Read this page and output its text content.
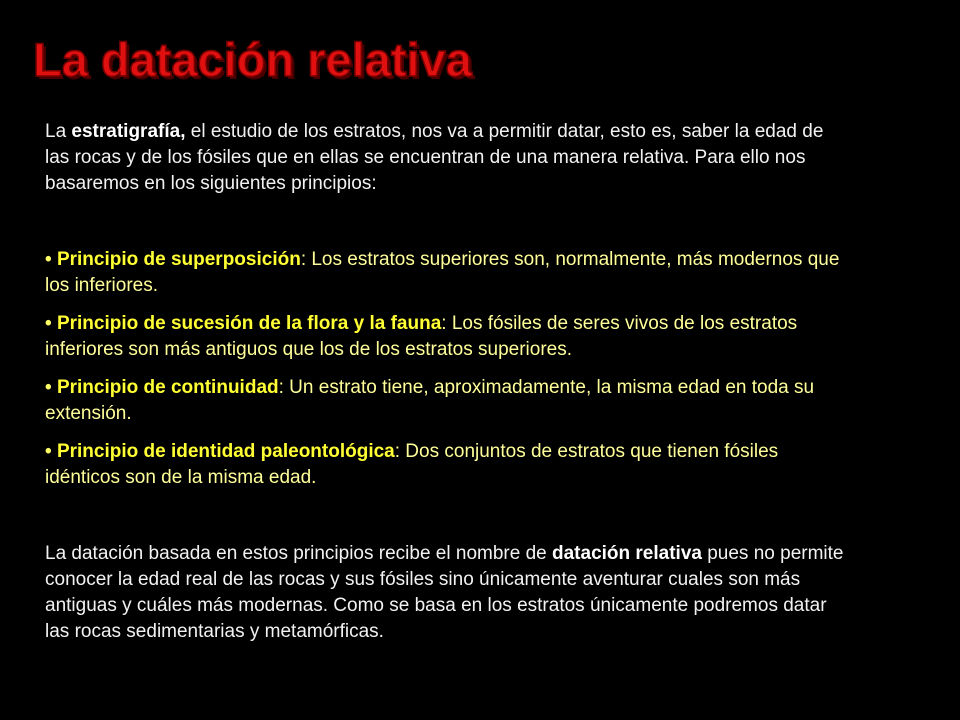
La datación relativa

La estratigrafía, el estudio de los estratos, nos va a permitir datar, esto es, saber la edad de las rocas y de los fósiles que en ellas se encuentran de una manera relativa. Para ello nos basaremos en los siguientes principios:

• Principio de superposición: Los estratos superiores son, normalmente, más modernos que los inferiores.
• Principio de sucesión de la flora y la fauna: Los fósiles de seres vivos de los estratos inferiores son más antiguos que los de los estratos superiores.
• Principio de continuidad: Un estrato tiene, aproximadamente, la misma edad en toda su extensión.
• Principio de identidad paleontológica: Dos conjuntos de estratos que tienen fósiles idénticos son de la misma edad.

La datación basada en estos principios recibe el nombre de datación relativa pues no permite conocer la edad real de las rocas y sus fósiles sino únicamente aventurar cuales son más antiguas y cuáles más modernas. Como se basa en los estratos únicamente podremos datar las rocas sedimentarias y metamórficas.
